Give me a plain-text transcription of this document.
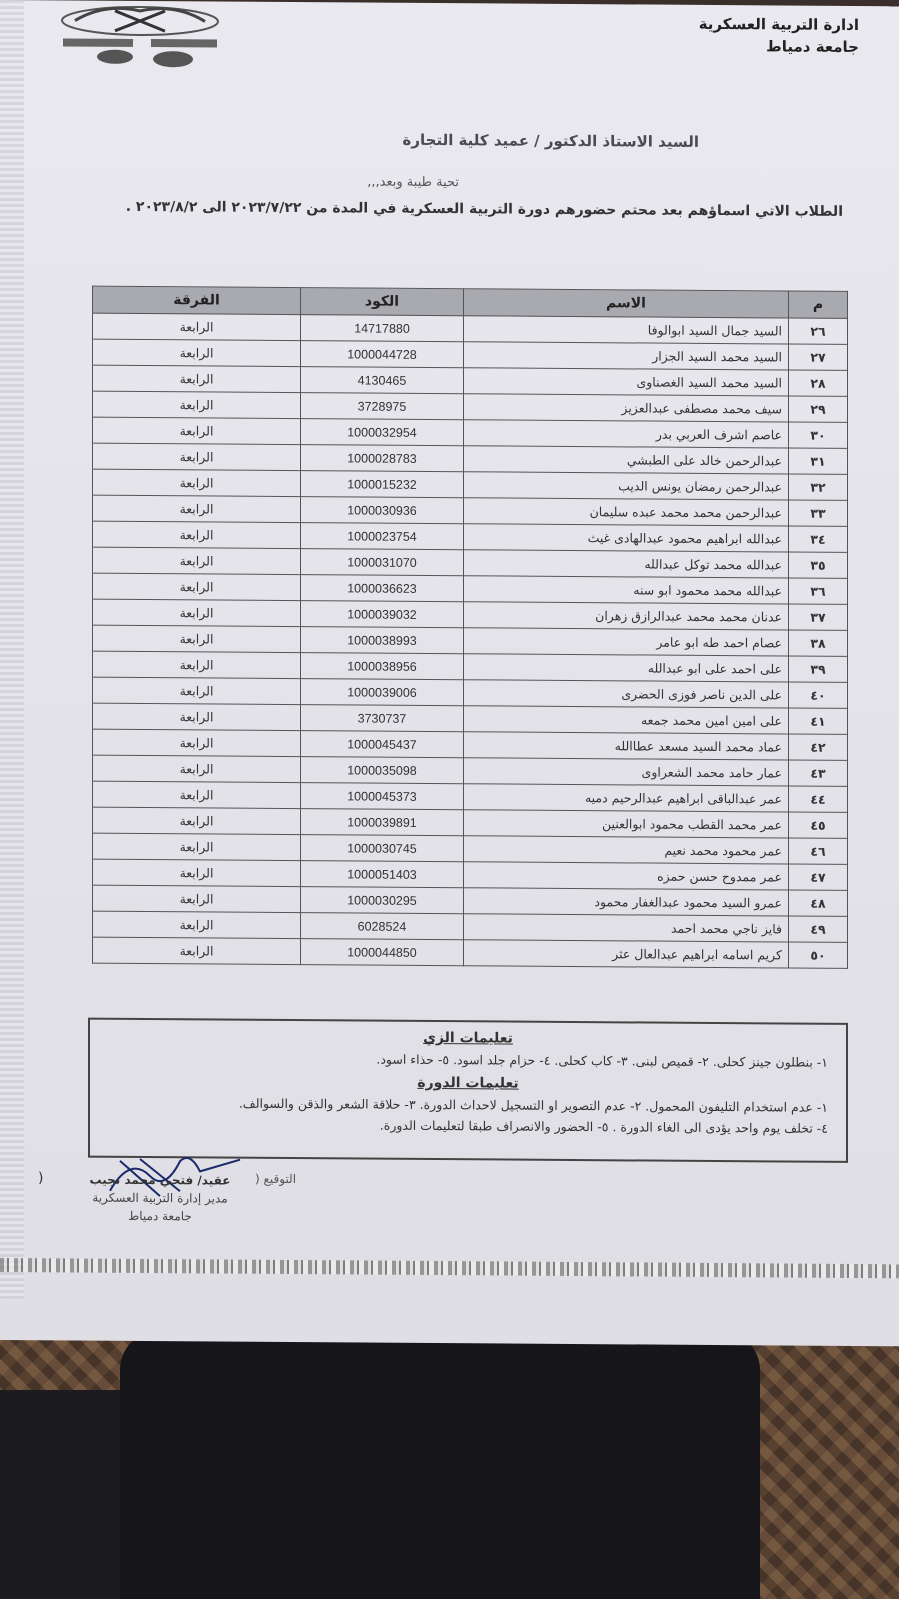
ادارة التربية العسكرية
جامعة دمياط
السيد الاستاذ الدكتور / عميد كلية التجارة
تحية طيبة وبعد,,,
الطلاب الاتي اسماؤهم بعد محتم حضورهم دورة التربية العسكرية في المدة من ٢٠٢٣/٧/٢٢ الى ٢٠٢٣/٨/٢ .
م	الاسم	الكود	الفرقة
٢٦	السيد جمال السيد ابوالوفا	14717880	الرابعة
٢٧	السيد محمد السيد الجزار	1000044728	الرابعة
٢٨	السيد محمد السيد الغصناوى	4130465	الرابعة
٢٩	سيف محمد مصطفى عبدالعزيز	3728975	الرابعة
٣٠	عاصم اشرف العربي بدر	1000032954	الرابعة
٣١	عبدالرحمن خالد على الطبشي	1000028783	الرابعة
٣٢	عبدالرحمن رمضان يونس الديب	1000015232	الرابعة
٣٣	عبدالرحمن محمد محمد عبده سليمان	1000030936	الرابعة
٣٤	عبدالله ابراهيم محمود عبدالهادى غيث	1000023754	الرابعة
٣٥	عبدالله محمد توكل عبدالله	1000031070	الرابعة
٣٦	عبدالله محمد محمود ابو سنه	1000036623	الرابعة
٣٧	عدنان محمد محمد عبدالرازق زهران	1000039032	الرابعة
٣٨	عصام احمد طه ابو عامر	1000038993	الرابعة
٣٩	على احمد على ابو عبدالله	1000038956	الرابعة
٤٠	على الدين ناصر فوزى الحضرى	1000039006	الرابعة
٤١	على امين امين محمد جمعه	3730737	الرابعة
٤٢	عماد محمد السيد مسعد عطاالله	1000045437	الرابعة
٤٣	عمار حامد محمد الشعراوى	1000035098	الرابعة
٤٤	عمر عبدالباقى ابراهيم عبدالرحيم دميه	1000045373	الرابعة
٤٥	عمر محمد القطب محمود ابوالعنين	1000039891	الرابعة
٤٦	عمر محمود محمد نعيم	1000030745	الرابعة
٤٧	عمر ممدوح حسن حمزه	1000051403	الرابعة
٤٨	عمرو السيد محمود عبدالغفار محمود	1000030295	الرابعة
٤٩	فايز ناجي محمد احمد	6028524	الرابعة
٥٠	كريم اسامه ابراهيم عبدالعال عثر	1000044850	الرابعة
تعليمات الزي
١- بنطلون جينز كحلى. ٢- قميص لبنى. ٣- كاب كحلى. ٤- حزام جلد اسود. ٥- حذاء اسود.
تعليمات الدورة
١- عدم استخدام التليفون المحمول. ٢- عدم التصوير او التسجيل لاحداث الدورة. ٣- حلاقة الشعر والذقن والسوالف.
٤- تخلف يوم واحد يؤدى الى الغاء الدورة . ٥- الحضور والانصراف طبقا لتعليمات الدورة.
)	التوقيع (
عقيد/ فتحي محمد نجيب
مدير إدارة التربية العسكرية
جامعة دمياط
